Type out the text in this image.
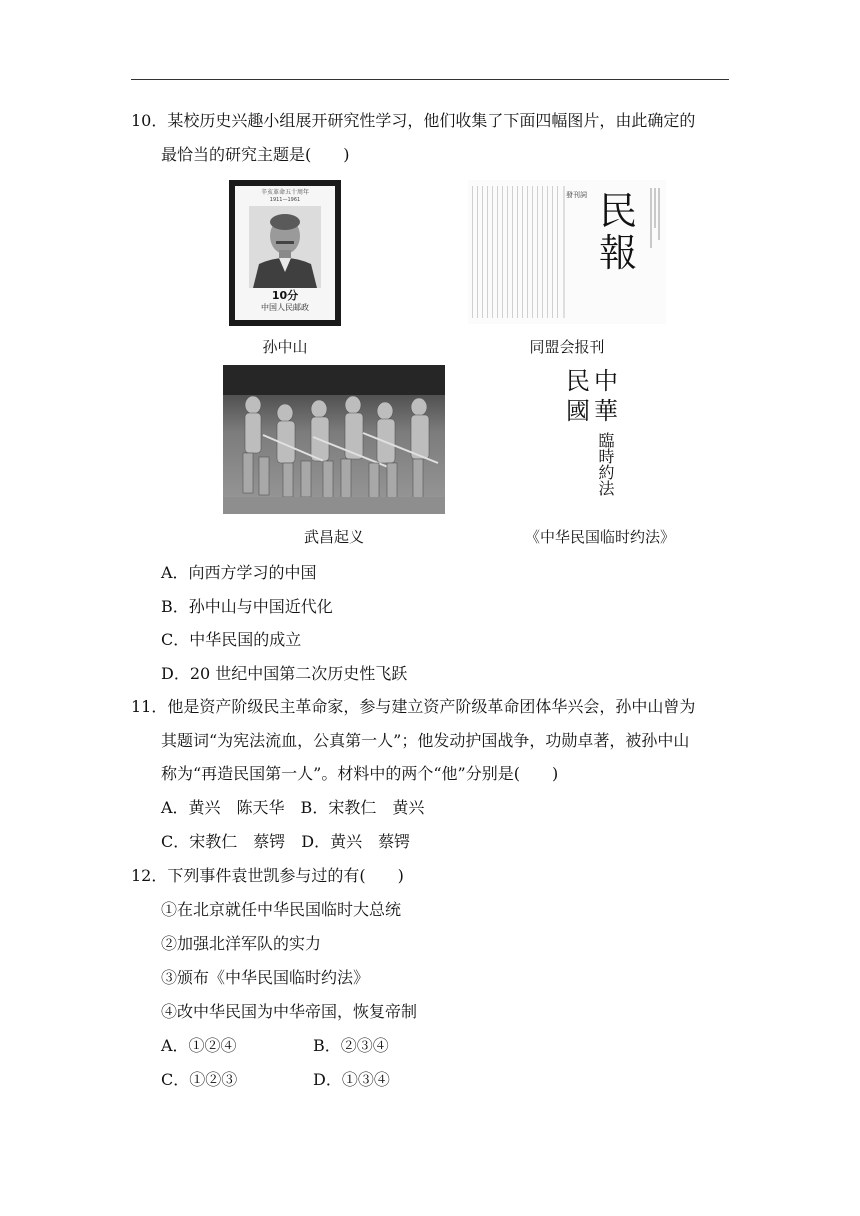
10．某校历史兴趣小组展开研究性学习，他们收集了下面四幅图片，由此确定的
最恰当的研究主题是(　　)
辛亥革命五十周年
1911—1961
10分
中国人民邮政
孙中山
發刊詞 民報
同盟会报刊
武昌起义
民中
國華
臨時約法
《中华民国临时约法》
A．向西方学习的中国
B．孙中山与中国近代化
C．中华民国的成立
D．20 世纪中国第二次历史性飞跃
11．他是资产阶级民主革命家，参与建立资产阶级革命团体华兴会，孙中山曾为
其题词“为宪法流血，公真第一人”；他发动护国战争，功勋卓著，被孙中山
称为“再造民国第一人”。材料中的两个“他”分别是(　　)
A．黄兴　陈天华　B．宋教仁　黄兴
C．宋教仁　蔡锷　D．黄兴　蔡锷
12．下列事件袁世凯参与过的有(　　)
①在北京就任中华民国临时大总统
②加强北洋军队的实力
③颁布《中华民国临时约法》
④改中华民国为中华帝国，恢复帝制
A．①②④	B．②③④
C．①②③	D．①③④
